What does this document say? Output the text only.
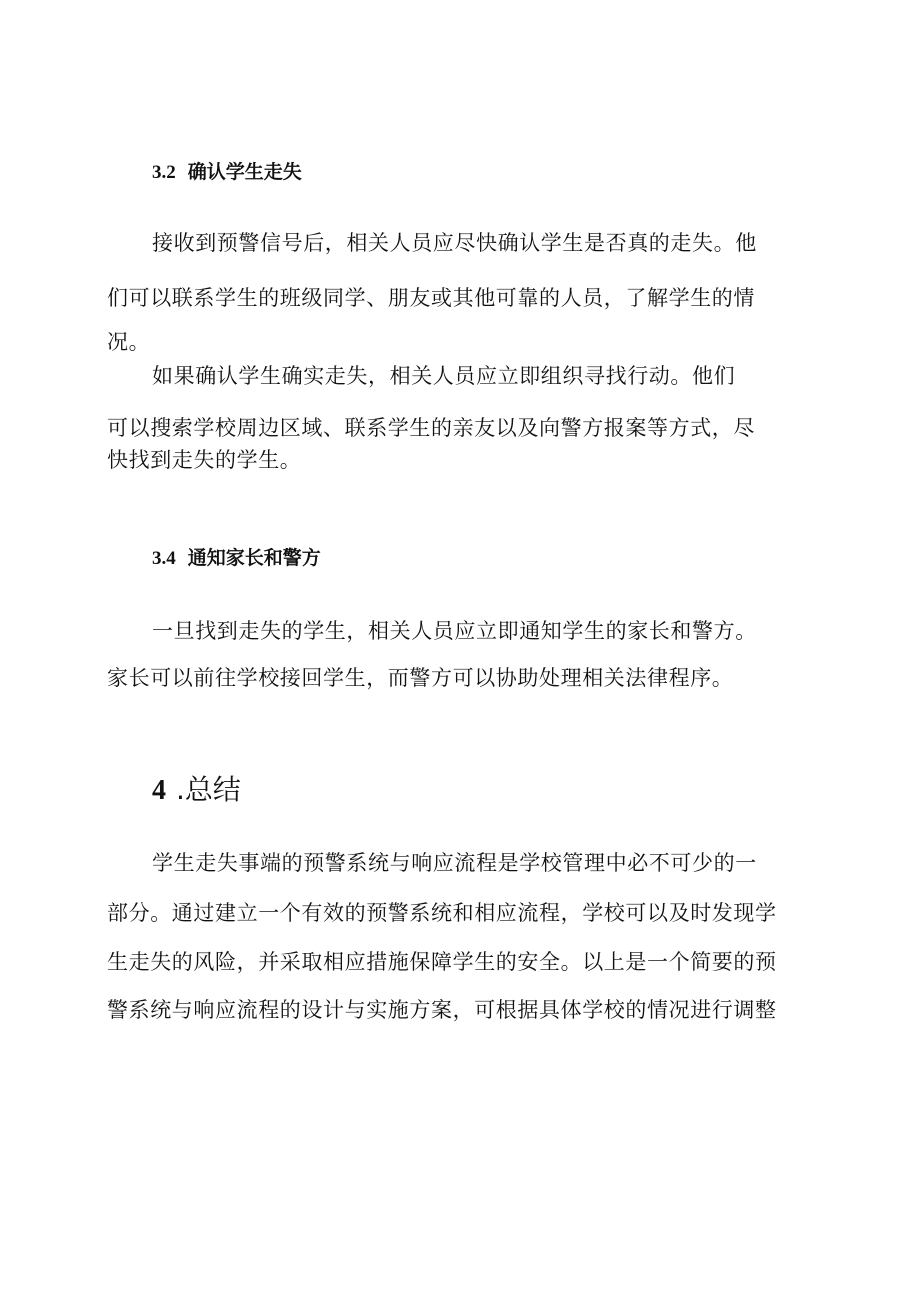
3.2 确认学生走失
接收到预警信号后，相关人员应尽快确认学生是否真的走失。他
们可以联系学生的班级同学、朋友或其他可靠的人员，了解学生的情
况。
如果确认学生确实走失，相关人员应立即组织寻找行动。他们
可以搜索学校周边区域、联系学生的亲友以及向警方报案等方式，尽
快找到走失的学生。
3.4 通知家长和警方
一旦找到走失的学生，相关人员应立即通知学生的家长和警方。
家长可以前往学校接回学生，而警方可以协助处理相关法律程序。
4 .总结
学生走失事端的预警系统与响应流程是学校管理中必不可少的一
部分。通过建立一个有效的预警系统和相应流程，学校可以及时发现学
生走失的风险，并采取相应措施保障学生的安全。以上是一个简要的预
警系统与响应流程的设计与实施方案，可根据具体学校的情况进行调整
